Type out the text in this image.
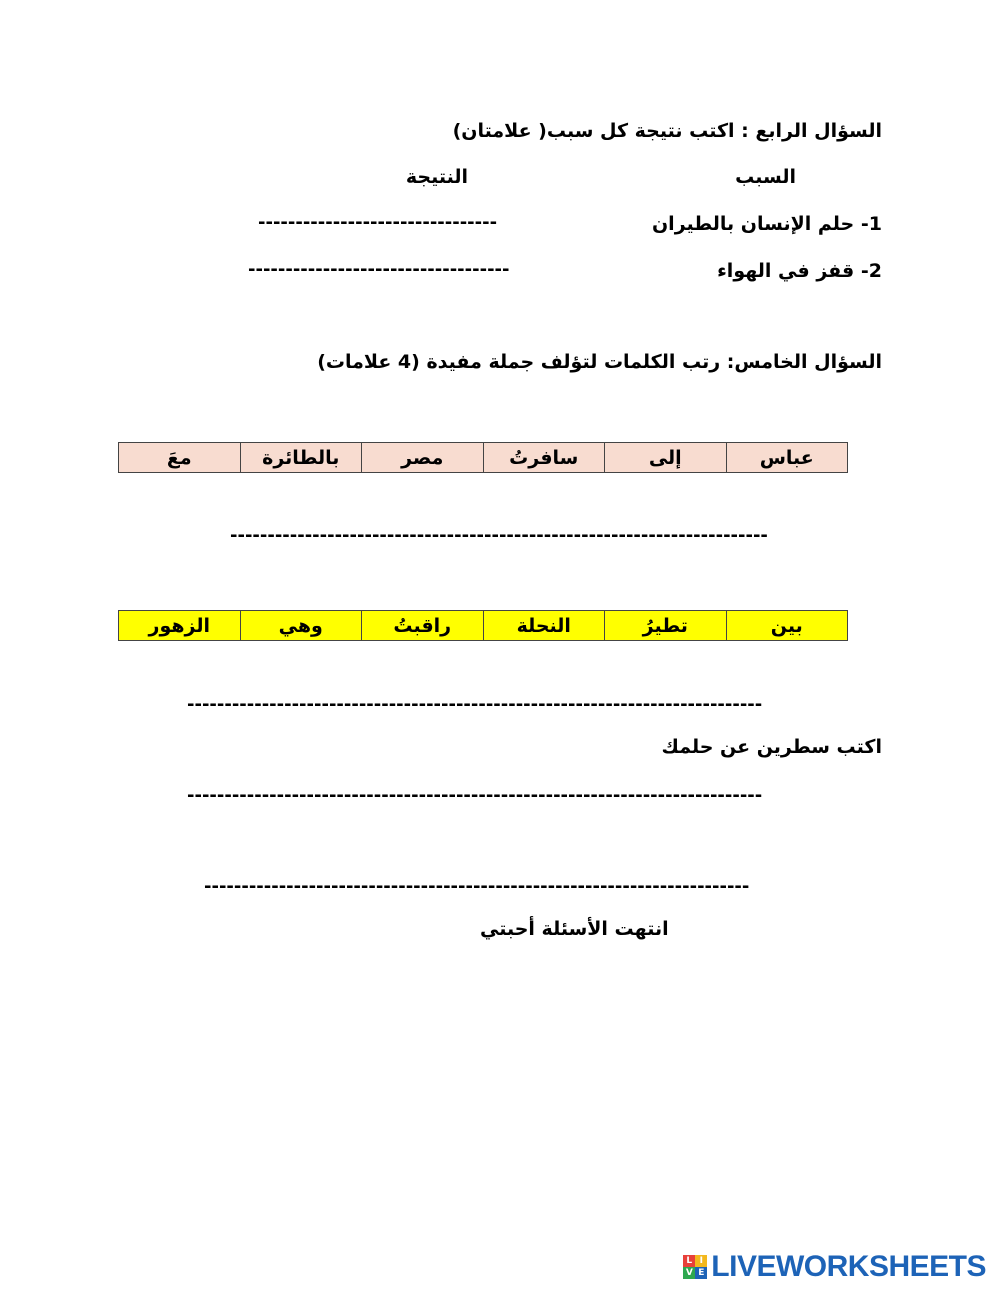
السؤال الرابع : اكتب نتيجة كل سبب( علامتان)
السبب
النتيجة
1- حلم الإنسان بالطيران
--------------------------------
2- قفز في الهواء
-----------------------------------
السؤال الخامس: رتب الكلمات لتؤلف جملة مفيدة (4 علامات)
عباس	إلى	سافرتُ	مصر	بالطائرة	معَ
------------------------------------------------------------------------
بين	تطيرُ	النحلة	راقبتُ	وهي	الزهور
-----------------------------------------------------------------------------
اكتب سطرين عن حلمك
-----------------------------------------------------------------------------
-------------------------------------------------------------------------
انتهت الأسئلة أحبتي
L I
V E LIVEWORKSHEETS
